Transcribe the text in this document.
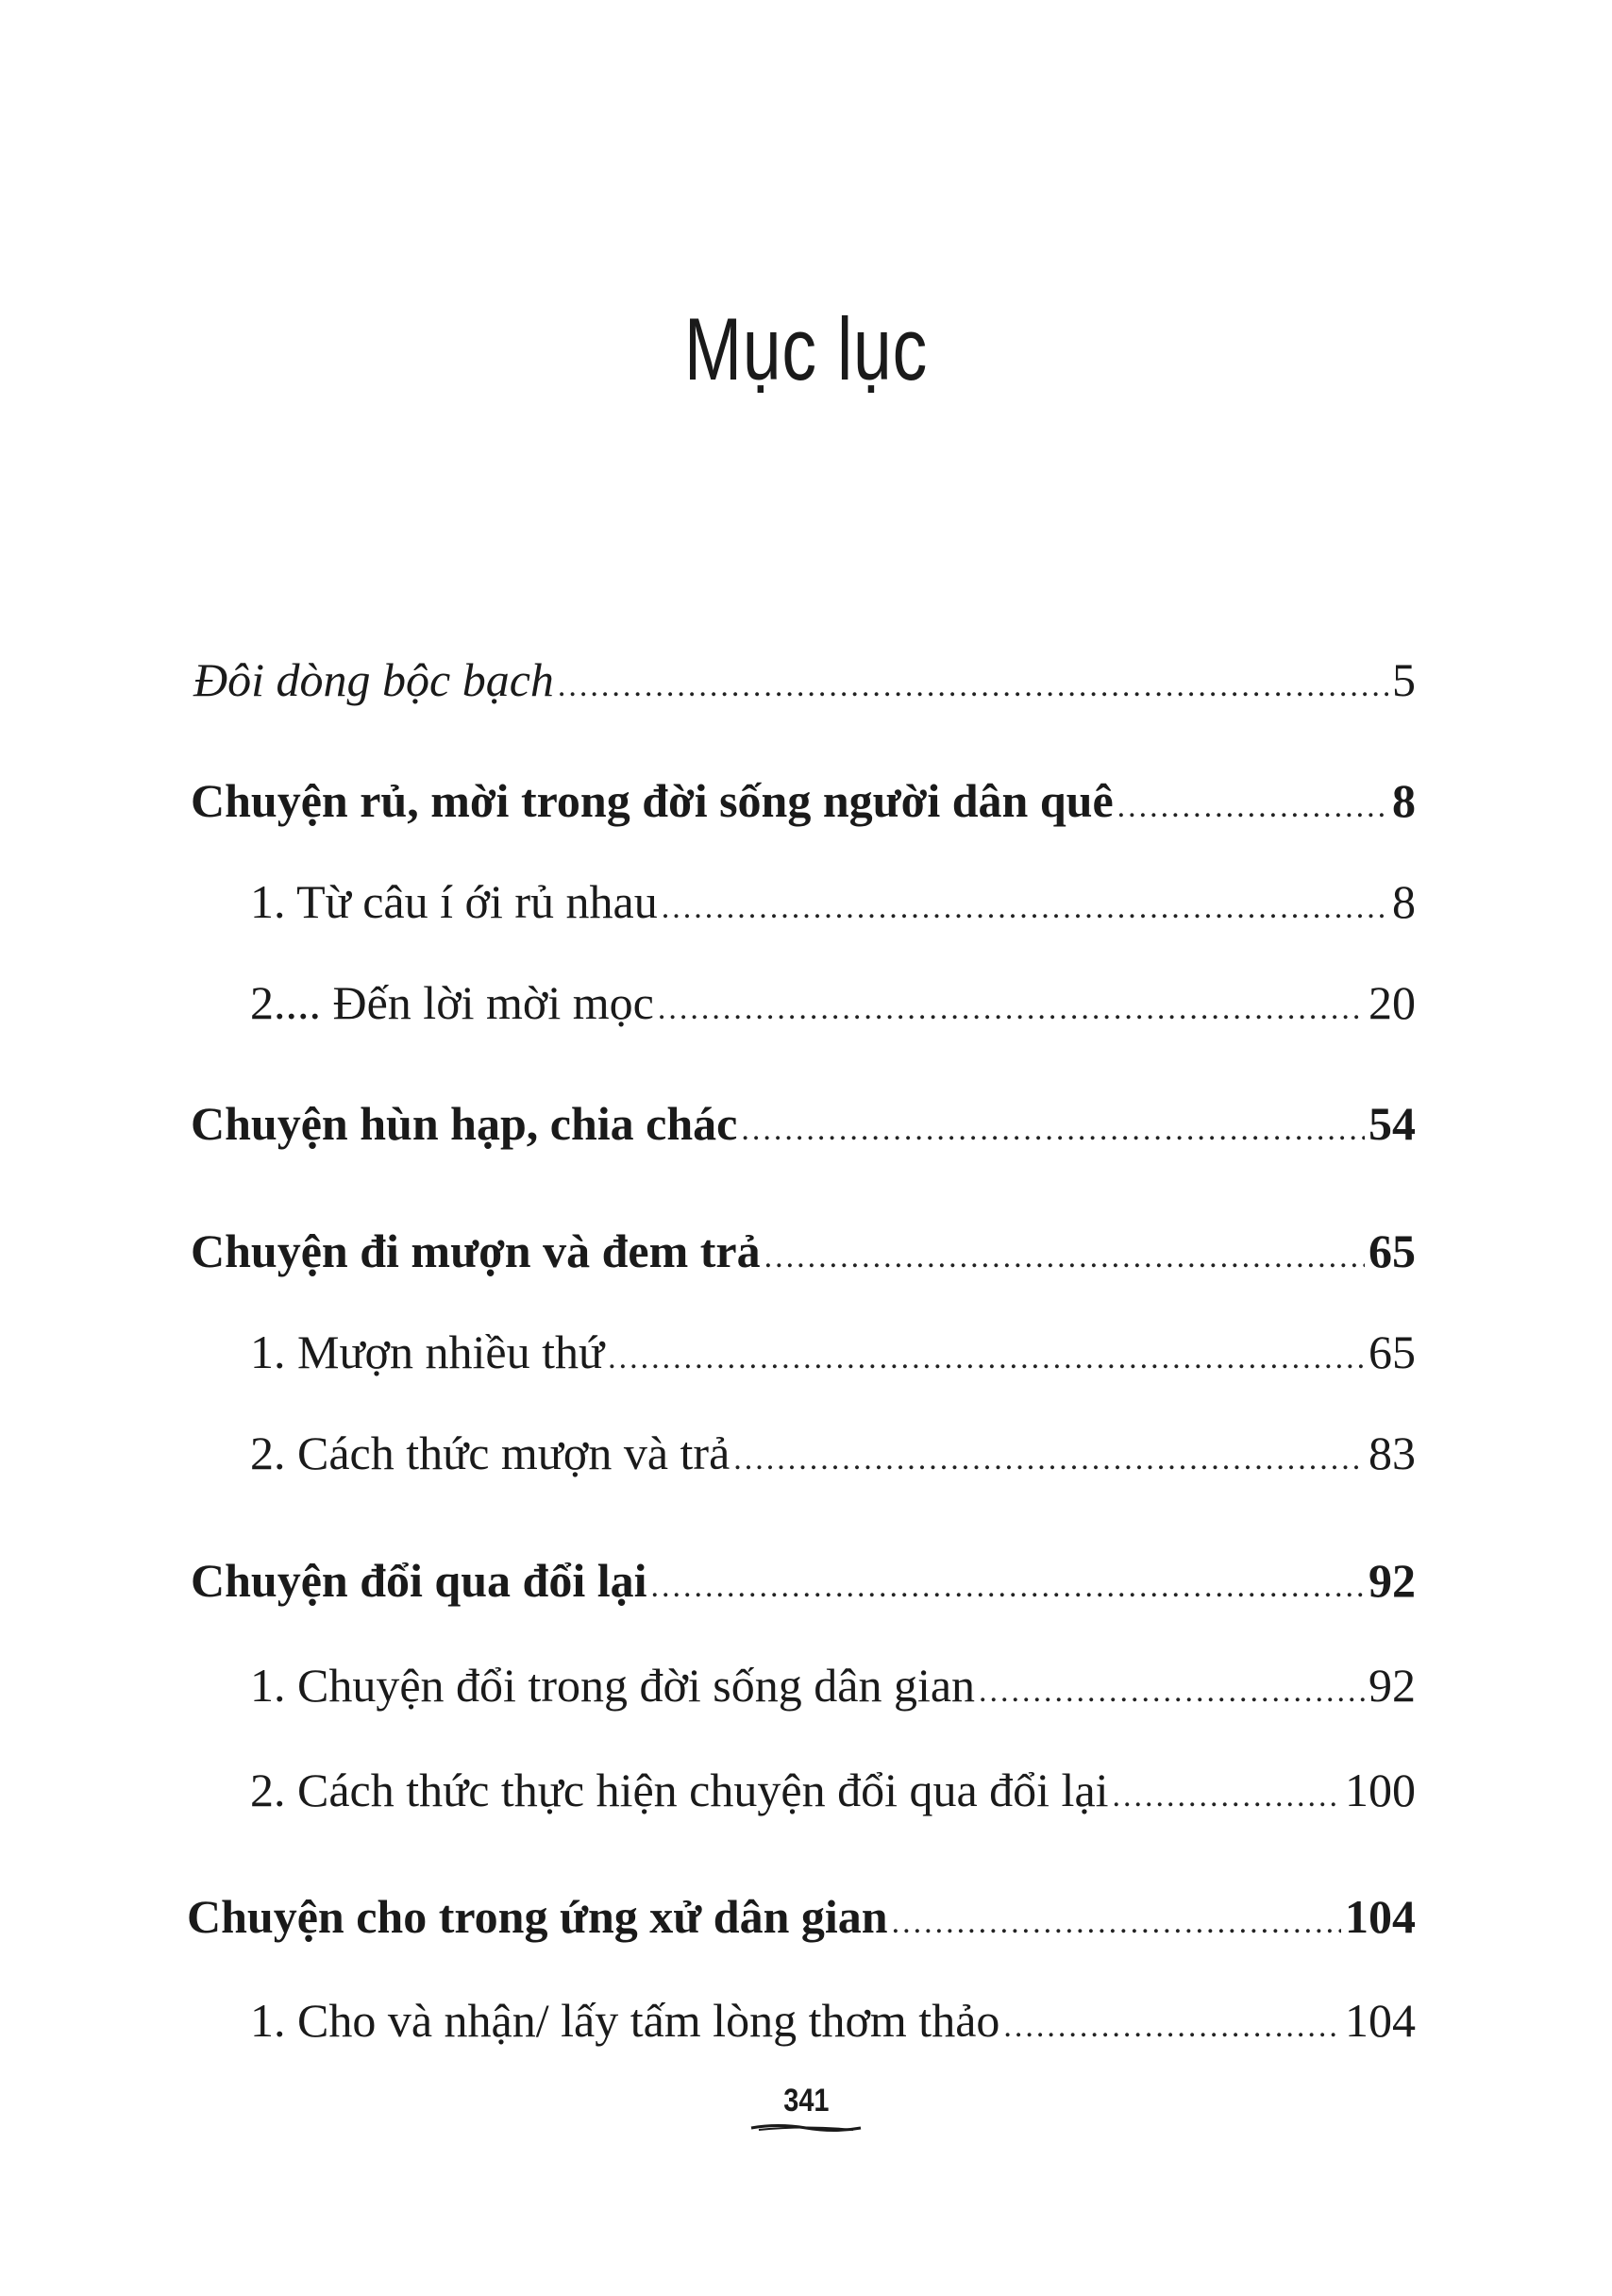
Mục lục
Đôi dòng bộc bạch .....	5
Chuyện rủ, mời trong đời sống người dân quê .....	8
1. Từ câu í ới rủ nhau .....	8
2.... Đến lời mời mọc .....	20
Chuyện hùn hạp, chia chác .....	54
Chuyện đi mượn và đem trả .....	65
1. Mượn nhiều thứ .....	65
2. Cách thức mượn và trả .....	83
Chuyện đổi qua đổi lại .....	92
1. Chuyện đổi trong đời sống dân gian .....	92
2. Cách thức thực hiện chuyện đổi qua đổi lại .....	100
Chuyện cho trong ứng xử dân gian .....	104
1. Cho và nhận/ lấy tấm lòng thơm thảo .....	104
341
